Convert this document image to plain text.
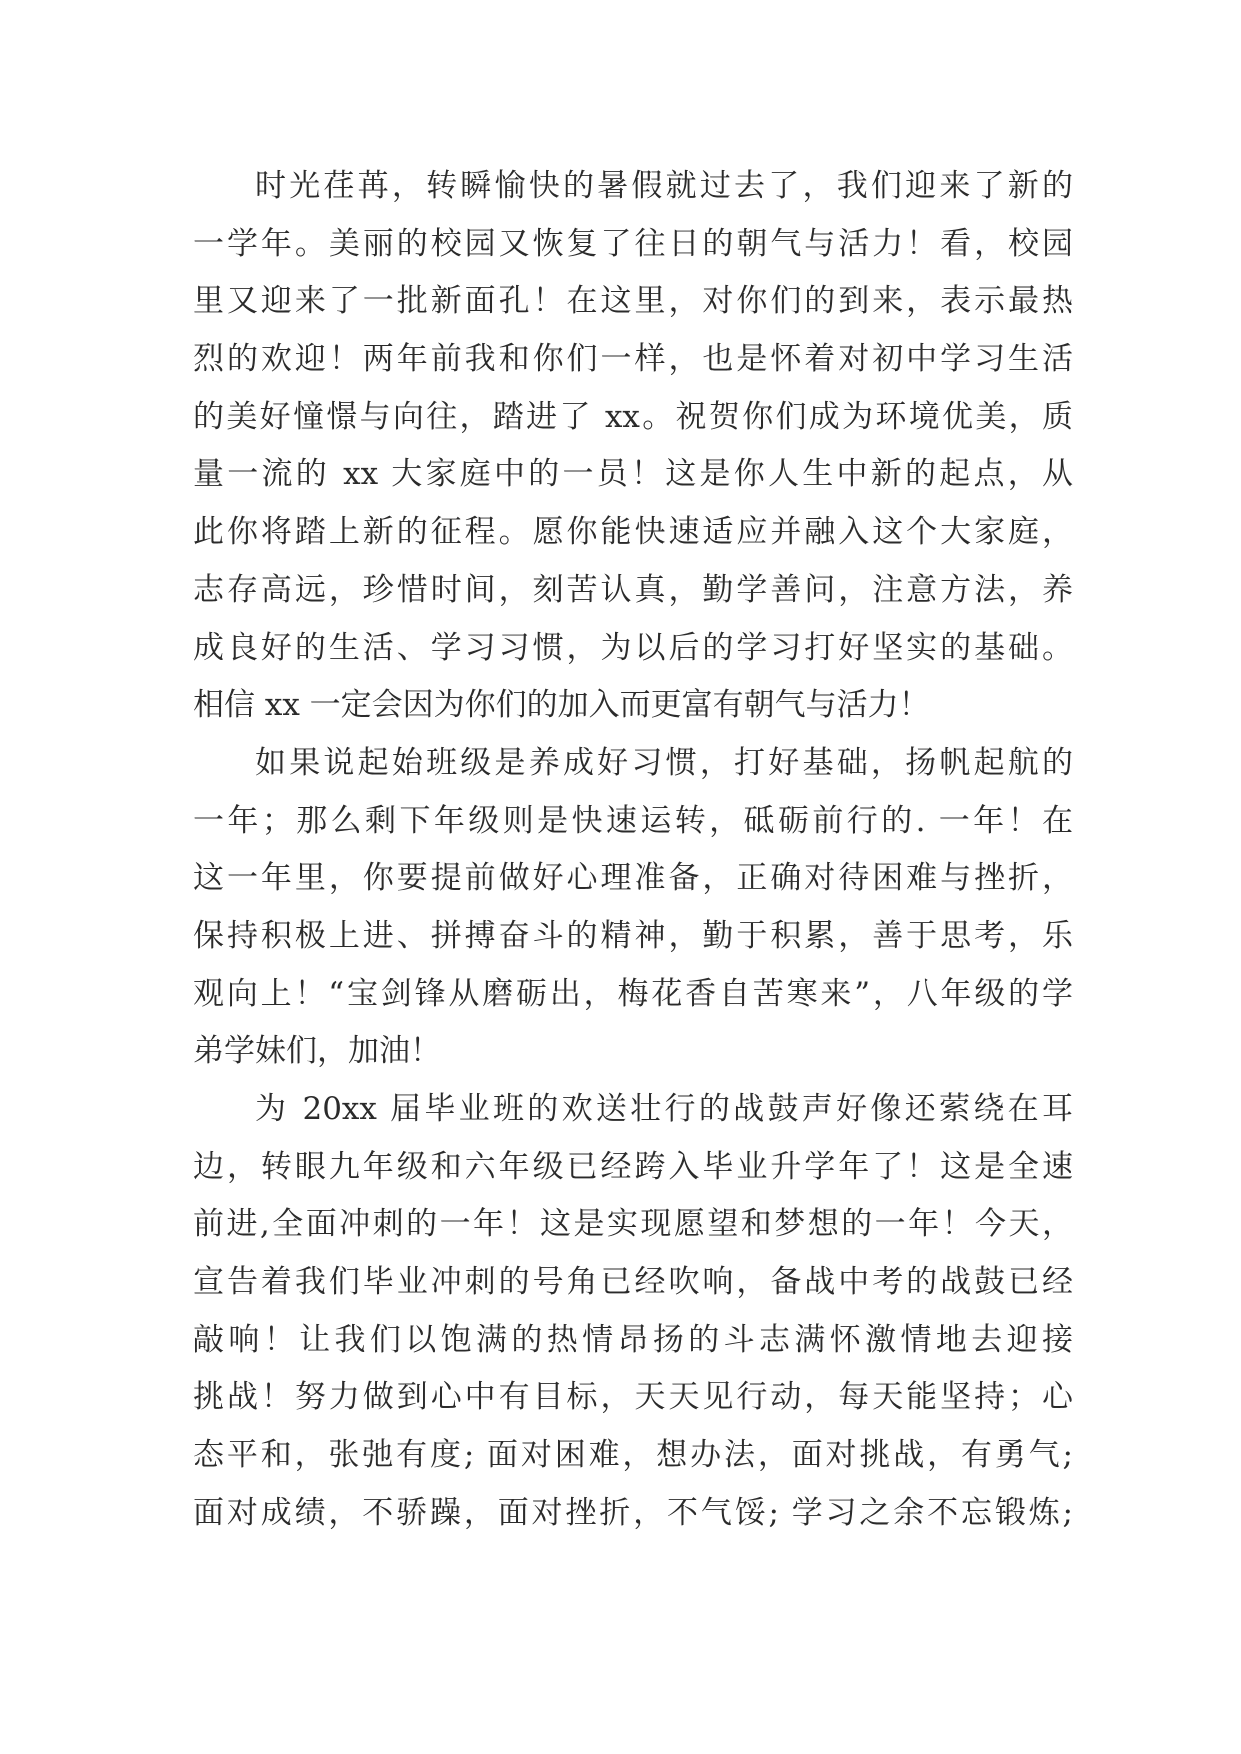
时光荏苒，转瞬愉快的暑假就过去了，我们迎来了新的
一学年。美丽的校园又恢复了往日的朝气与活力！看，校园
里又迎来了一批新面孔！在这里，对你们的到来，表示最热
烈的欢迎！两年前我和你们一样，也是怀着对初中学习生活
的美好憧憬与向往，踏进了 xx。祝贺你们成为环境优美，质
量一流的 xx 大家庭中的一员！这是你人生中新的起点，从
此你将踏上新的征程。愿你能快速适应并融入这个大家庭，
志存高远，珍惜时间，刻苦认真，勤学善问，注意方法，养
成良好的生活、学习习惯，为以后的学习打好坚实的基础。
相信 xx 一定会因为你们的加入而更富有朝气与活力！
如果说起始班级是养成好习惯，打好基础，扬帆起航的
一年；那么剩下年级则是快速运转，砥砺前行的. 一年！在
这一年里，你要提前做好心理准备，正确对待困难与挫折，
保持积极上进、拼搏奋斗的精神，勤于积累，善于思考，乐
观向上！“宝剑锋从磨砺出，梅花香自苦寒来”，八年级的学
弟学妹们，加油！
为 20xx 届毕业班的欢送壮行的战鼓声好像还萦绕在耳
边，转眼九年级和六年级已经跨入毕业升学年了！这是全速
前进,全面冲刺的一年！这是实现愿望和梦想的一年！今天，
宣告着我们毕业冲刺的号角已经吹响，备战中考的战鼓已经
敲响！让我们以饱满的热情昂扬的斗志满怀激情地去迎接
挑战！努力做到心中有目标，天天见行动，每天能坚持；心
态平和，张弛有度; 面对困难，想办法，面对挑战，有勇气;
面对成绩，不骄躁，面对挫折，不气馁; 学习之余不忘锻炼;
